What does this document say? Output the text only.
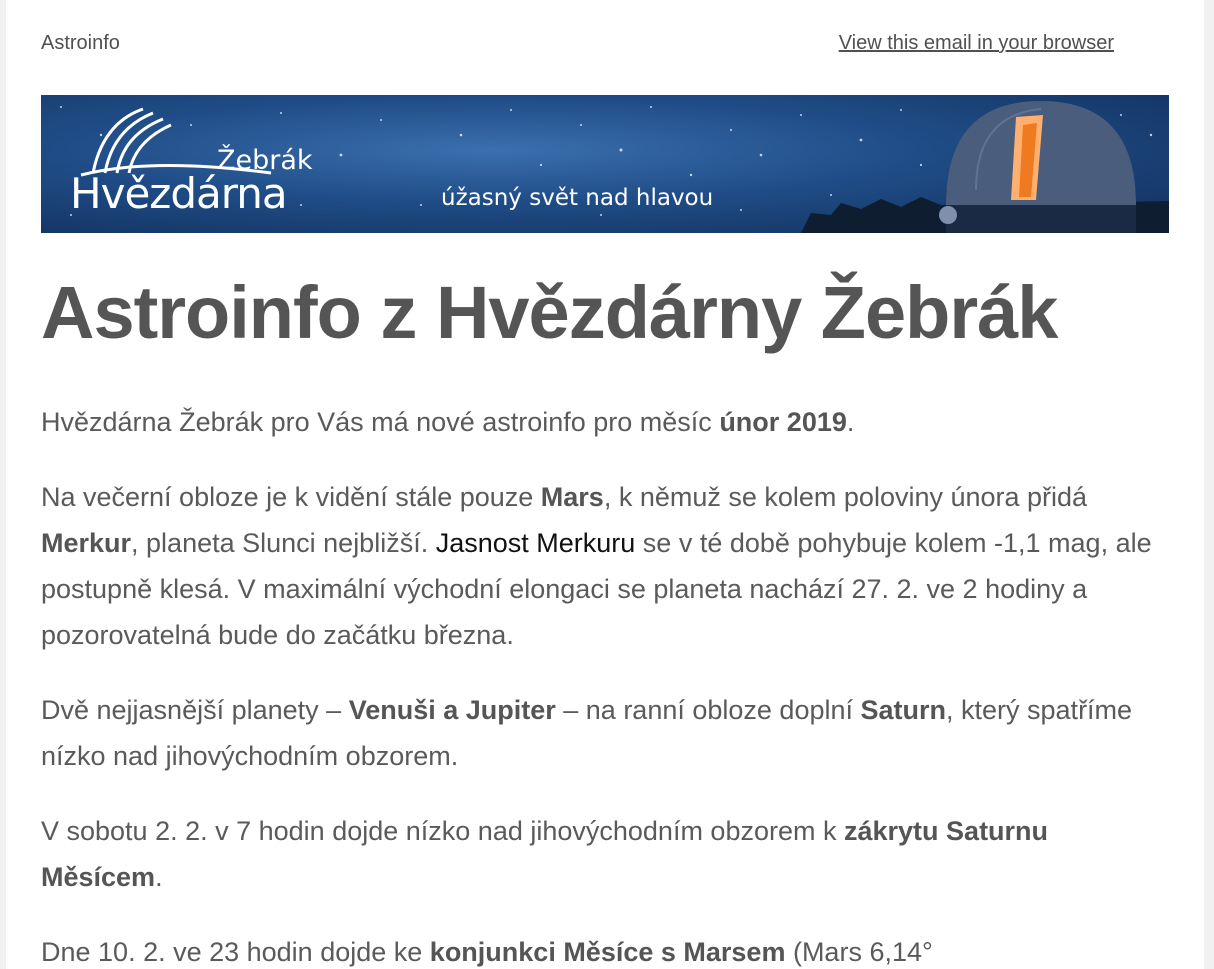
Astroinfo	View this email in your browser
Žebrák
Hvězdárna	úžasný svět nad hlavou
Astroinfo z Hvězdárny Žebrák

Hvězdárna Žebrák pro Vás má nové astroinfo pro měsíc únor 2019.

Na večerní obloze je k vidění stále pouze Mars, k němuž se kolem poloviny února přidá Merkur, planeta Slunci nejbližší. Jasnost Merkuru se v té době pohybuje kolem -1,1 mag, ale postupně klesá. V maximální východní elongaci se planeta nachází 27. 2. ve 2 hodiny a pozorovatelná bude do začátku března.

Dvě nejjasnější planety – Venuši a Jupiter – na ranní obloze doplní Saturn, který spatříme nízko nad jihovýchodním obzorem.

V sobotu 2. 2. v 7 hodin dojde nízko nad jihovýchodním obzorem k zákrytu Saturnu Měsícem.

Dne 10. 2. ve 23 hodin dojde ke konjunkci Měsíce s Marsem (Mars 6,14°
